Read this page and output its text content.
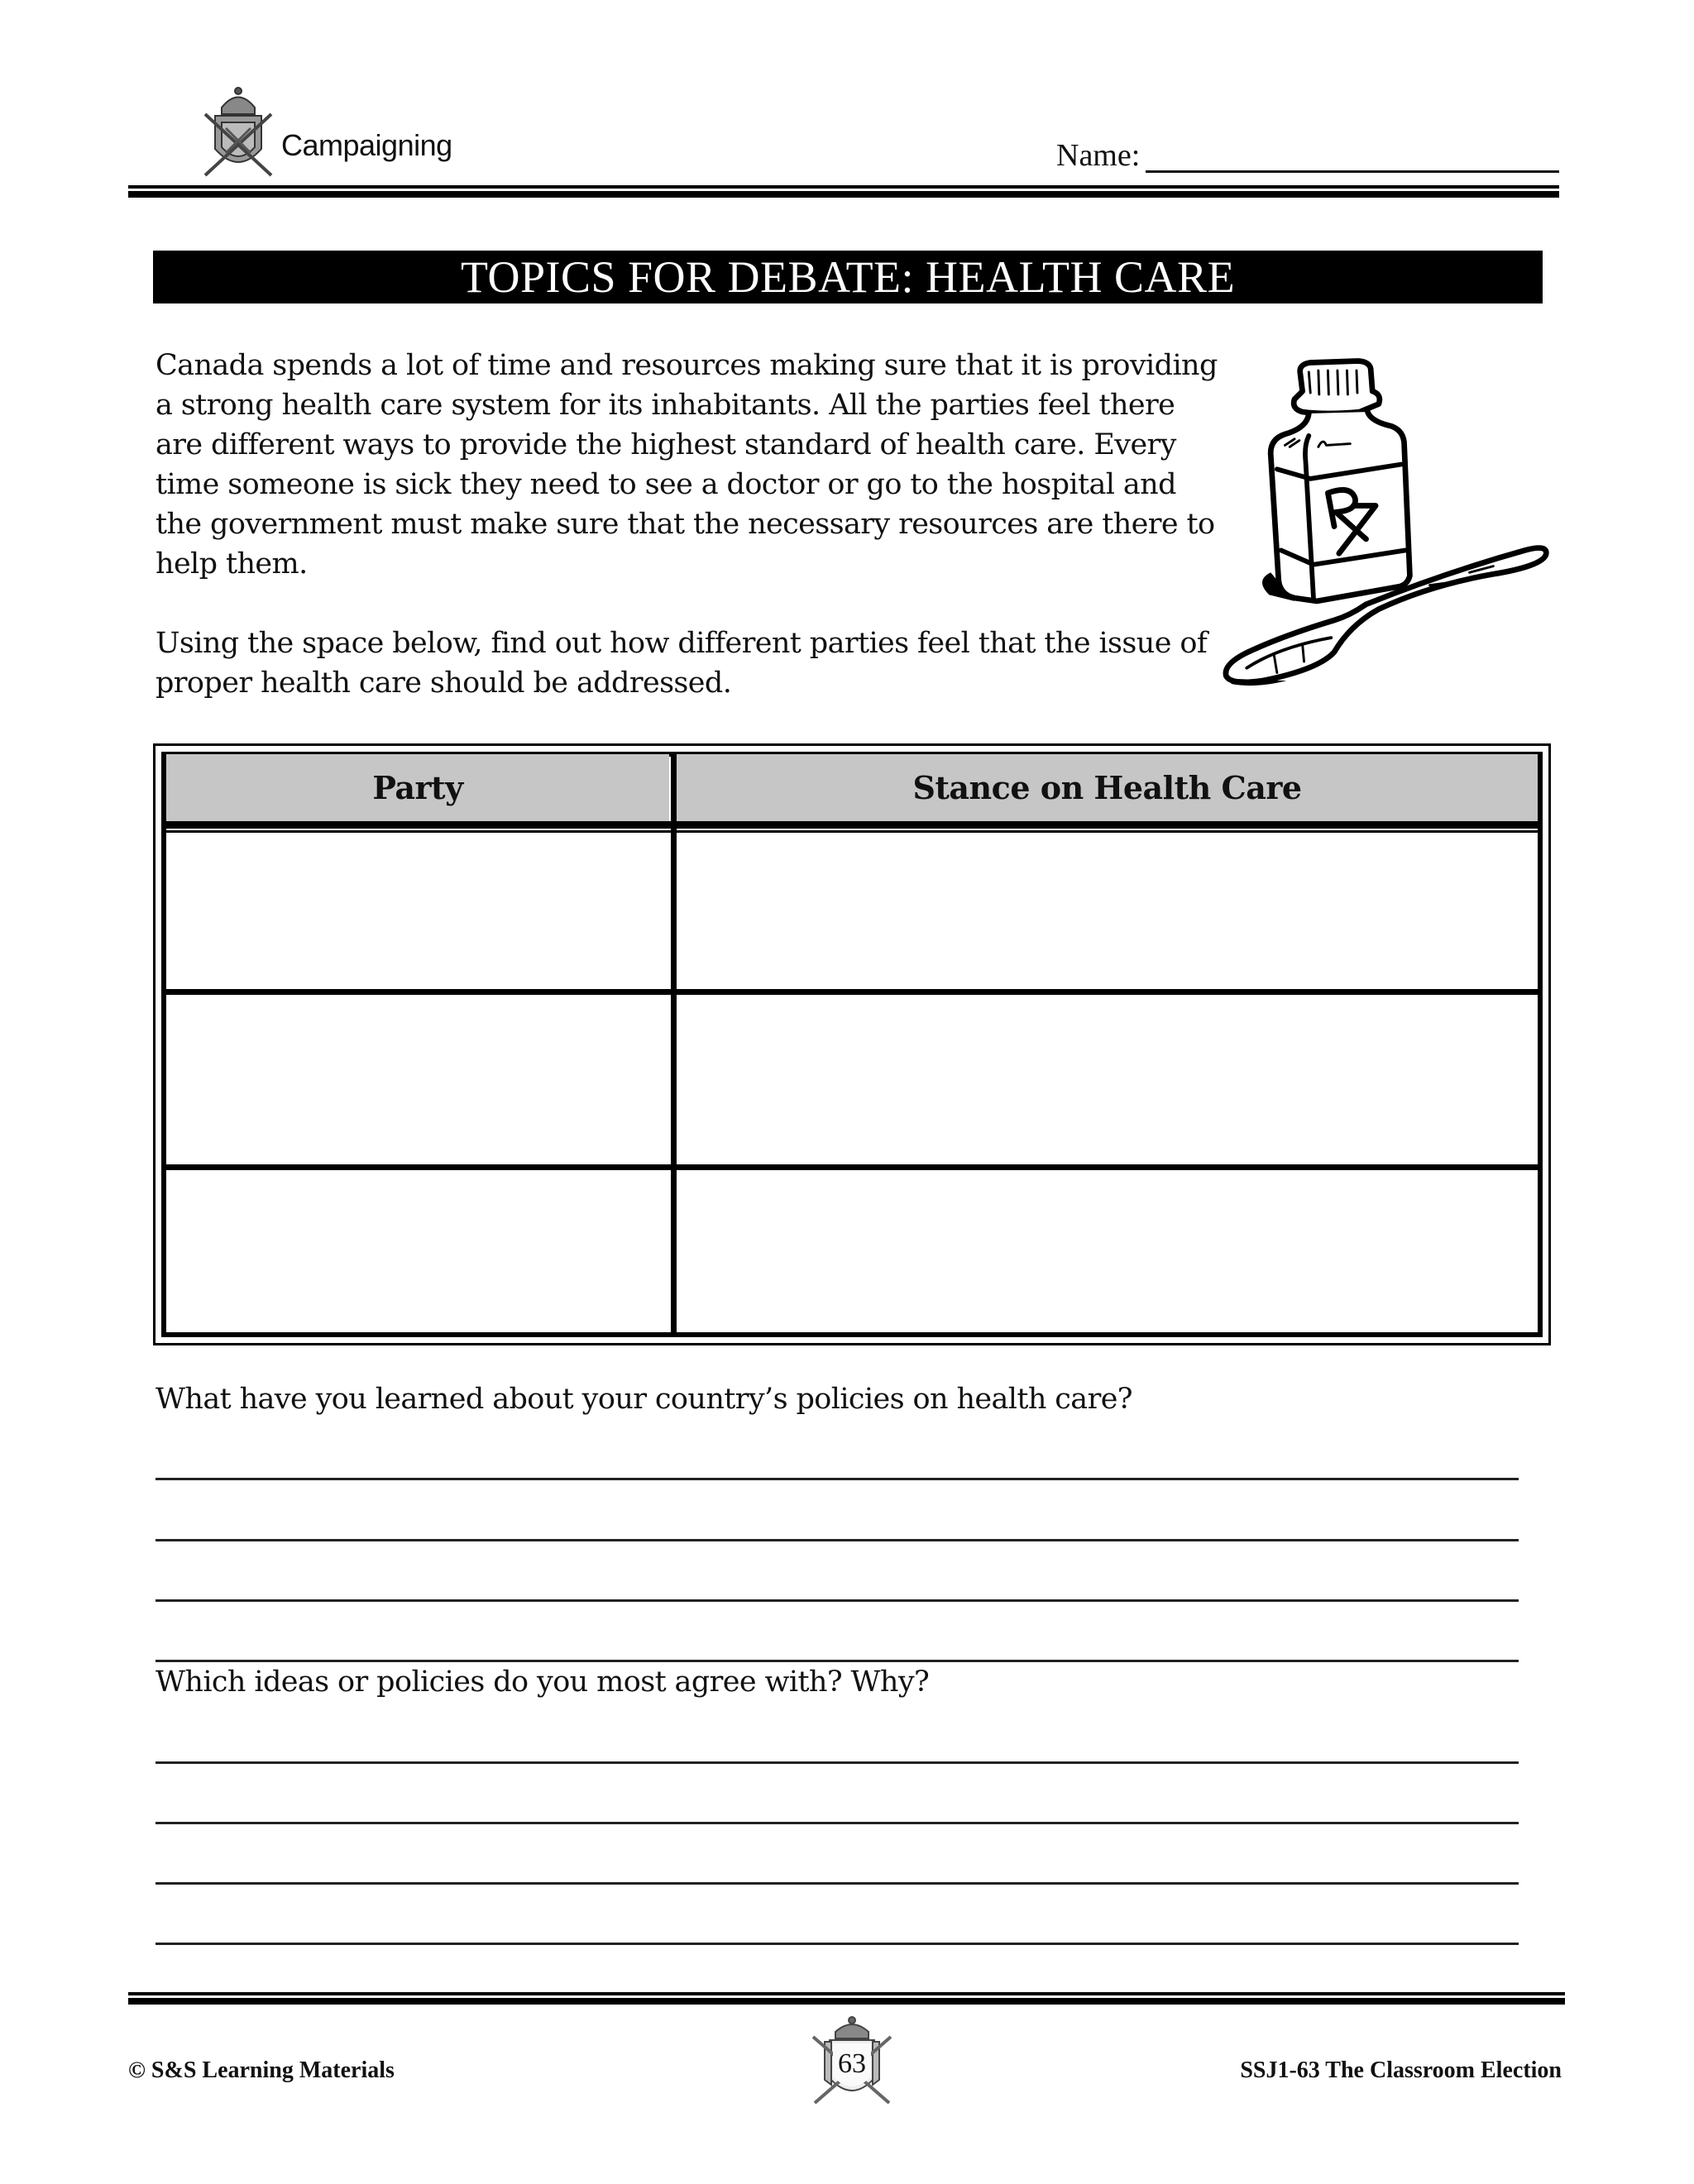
Campaigning	Name:
TOPICS FOR DEBATE: HEALTH CARE

Canada spends a lot of time and resources making sure that it is providing a strong health care system for its inhabitants. All the parties feel there are different ways to provide the highest standard of health care. Every time someone is sick they need to see a doctor or go to the hospital and the government must make sure that the necessary resources are there to help them.

Using the space below, find out how different parties feel that the issue of proper health care should be addressed.

Party	Stance on Health Care
What have you learned about your country’s policies on health care?
Which ideas or policies do you most agree with? Why?
© S&S Learning Materials	63	SSJ1-63 The Classroom Election
